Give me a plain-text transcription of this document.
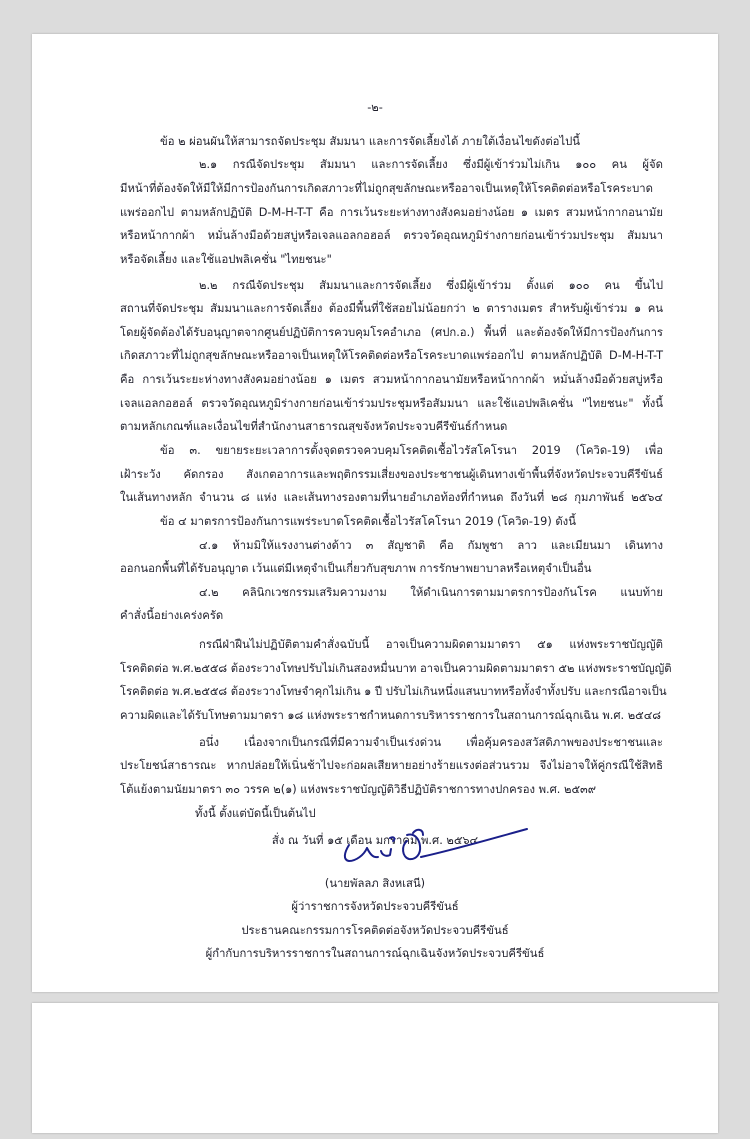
-๒-
ข้อ ๒ ผ่อนผันให้สามารถจัดประชุม สัมมนา และการจัดเลี้ยงได้ ภายใต้เงื่อนไขดังต่อไปนี้
๒.๑ กรณีจัดประชุม สัมมนา และการจัดเลี้ยง ซึ่งมีผู้เข้าร่วมไม่เกิน ๑๐๐ คน ผู้จัด
มีหน้าที่ต้องจัดให้มีให้มีการป้องกันการเกิดสภาวะที่ไม่ถูกสุขลักษณะหรืออาจเป็นเหตุให้โรคติดต่อหรือโรคระบาด
แพร่ออกไป ตามหลักปฏิบัติ D-M-H-T-T คือ การเว้นระยะห่างทางสังคมอย่างน้อย ๑ เมตร สวมหน้ากากอนามัย
หรือหน้ากากผ้า หมั่นล้างมือด้วยสบู่หรือเจลแอลกอฮอล์ ตรวจวัดอุณหภูมิร่างกายก่อนเข้าร่วมประชุม สัมมนา
หรือจัดเลี้ยง และใช้แอปพลิเคชั่น "ไทยชนะ"
๒.๒ กรณีจัดประชุม สัมมนาและการจัดเลี้ยง ซึ่งมีผู้เข้าร่วม ตั้งแต่ ๑๐๐ คน ขึ้นไป
สถานที่จัดประชุม สัมมนาและการจัดเลี้ยง ต้องมีพื้นที่ใช้สอยไม่น้อยกว่า ๒ ตารางเมตร สำหรับผู้เข้าร่วม ๑ คน
โดยผู้จัดต้องได้รับอนุญาตจากศูนย์ปฏิบัติการควบคุมโรคอำเภอ (ศปก.อ.) พื้นที่ และต้องจัดให้มีการป้องกันการ
เกิดสภาวะที่ไม่ถูกสุขลักษณะหรืออาจเป็นเหตุให้โรคติดต่อหรือโรคระบาดแพร่ออกไป ตามหลักปฏิบัติ D-M-H-T-T
คือ การเว้นระยะห่างทางสังคมอย่างน้อย ๑ เมตร สวมหน้ากากอนามัยหรือหน้ากากผ้า หมั่นล้างมือด้วยสบู่หรือ
เจลแอลกอฮอล์ ตรวจวัดอุณหภูมิร่างกายก่อนเข้าร่วมประชุมหรือสัมมนา และใช้แอปพลิเคชั่น "ไทยชนะ" ทั้งนี้
ตามหลักเกณฑ์และเงื่อนไขที่สำนักงานสาธารณสุขจังหวัดประจวบคีรีขันธ์กำหนด
ข้อ ๓. ขยายระยะเวลาการตั้งจุดตรวจควบคุมโรคติดเชื้อไวรัสโคโรนา 2019 (โควิด-19) เพื่อ
เฝ้าระวัง คัดกรอง สังเกตอาการและพฤติกรรมเสี่ยงของประชาชนผู้เดินทางเข้าพื้นที่จังหวัดประจวบคีรีขันธ์
ในเส้นทางหลัก จำนวน ๘ แห่ง และเส้นทางรองตามที่นายอำเภอท้องที่กำหนด ถึงวันที่ ๒๘ กุมภาพันธ์ ๒๕๖๔
ข้อ ๔ มาตรการป้องกันการแพร่ระบาดโรคติดเชื้อไวรัสโคโรนา 2019 (โควิด-19) ดังนี้
๔.๑ ห้ามมิให้แรงงานต่างด้าว ๓ สัญชาติ คือ กัมพูชา ลาว และเมียนมา เดินทาง
ออกนอกพื้นที่ได้รับอนุญาต เว้นแต่มีเหตุจำเป็นเกี่ยวกับสุขภาพ การรักษาพยาบาลหรือเหตุจำเป็นอื่น
๔.๒ คลินิกเวชกรรมเสริมความงาม ให้ดำเนินการตามมาตรการป้องกันโรค แนบท้าย
คำสั่งนี้อย่างเคร่งครัด
กรณีฝ่าฝืนไม่ปฏิบัติตามคำสั่งฉบับนี้ อาจเป็นความผิดตามมาตรา ๕๑ แห่งพระราชบัญญัติ
โรคติดต่อ พ.ศ.๒๕๕๘ ต้องระวางโทษปรับไม่เกินสองหมื่นบาท อาจเป็นความผิดตามมาตรา ๕๒ แห่งพระราชบัญญัติ
โรคติดต่อ พ.ศ.๒๕๕๘ ต้องระวางโทษจำคุกไม่เกิน ๑ ปี ปรับไม่เกินหนึ่งแสนบาทหรือทั้งจำทั้งปรับ และกรณีอาจเป็น
ความผิดและได้รับโทษตามมาตรา ๑๘ แห่งพระราชกำหนดการบริหารราชการในสถานการณ์ฉุกเฉิน พ.ศ. ๒๕๔๘
อนึ่ง เนื่องจากเป็นกรณีที่มีความจำเป็นเร่งด่วน เพื่อคุ้มครองสวัสดิภาพของประชาชนและ
ประโยชน์สาธารณะ หากปล่อยให้เนิ่นช้าไปจะก่อผลเสียหายอย่างร้ายแรงต่อส่วนรวม จึงไม่อาจให้คู่กรณีใช้สิทธิ
โต้แย้งตามนัยมาตรา ๓๐ วรรค ๒(๑) แห่งพระราชบัญญัติวิธีปฏิบัติราชการทางปกครอง พ.ศ. ๒๕๓๙
ทั้งนี้ ตั้งแต่บัดนี้เป็นต้นไป
สั่ง ณ วันที่ ๑๕ เดือน มกราคม พ.ศ. ๒๕๖๔
(นายพัลลภ สิงหเสนี)
ผู้ว่าราชการจังหวัดประจวบคีรีขันธ์
ประธานคณะกรรมการโรคติดต่อจังหวัดประจวบคีรีขันธ์
ผู้กำกับการบริหารราชการในสถานการณ์ฉุกเฉินจังหวัดประจวบคีรีขันธ์
